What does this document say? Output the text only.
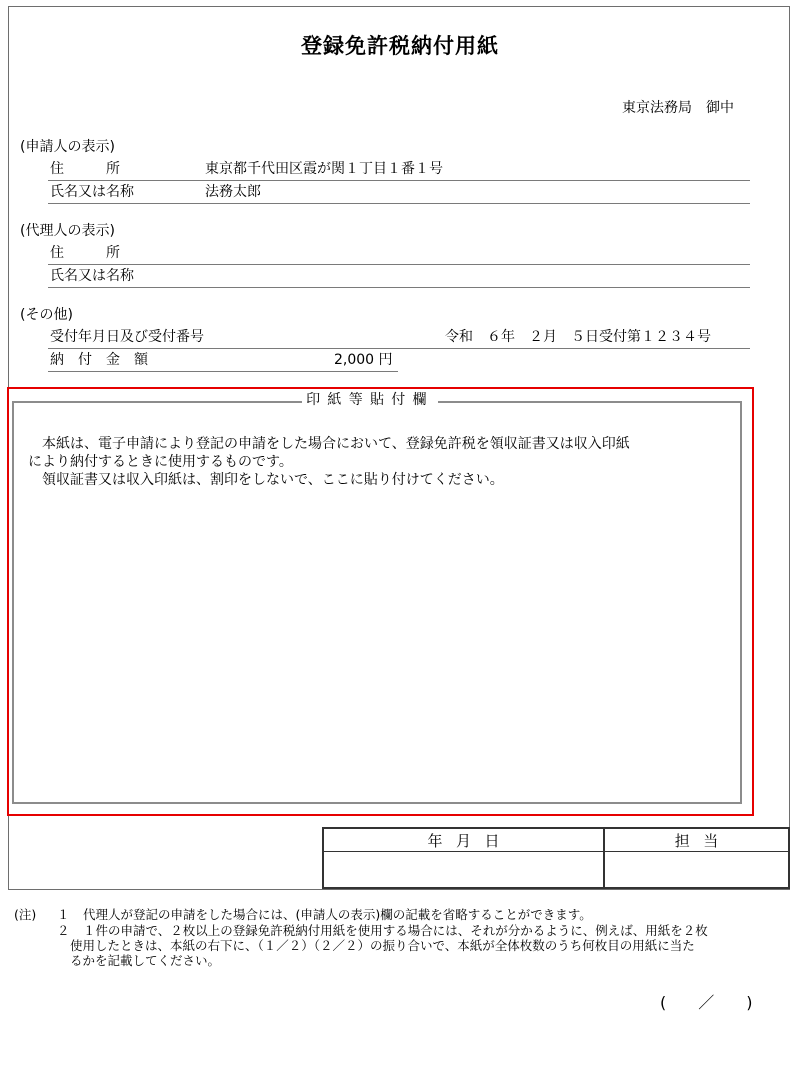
登録免許税納付用紙
東京法務局　御中
(申請人の表示)
住　　　所	東京都千代田区霞が関１丁目１番１号
氏名又は名称	法務太郎
(代理人の表示)
住　　　所
氏名又は名称
(その他)
受付年月日及び受付番号	令和　６年　２月　５日受付第１２３４号
納　付　金　額	2,000 円
印紙等貼付欄
　本紙は、電子申請により登記の申請をした場合において、登録免許税を領収証書又は収入印紙
により納付するときに使用するものです。
　領収証書又は収入印紙は、割印をしないで、ここに貼り付けてください。
年月日	担当
(注) １ 代理人が登記の申請をした場合には、(申請人の表示)欄の記載を省略することができます。
２ １件の申請で、２枚以上の登録免許税納付用紙を使用する場合には、それが分かるように、例えば、用紙を２枚
使用したときは、本紙の右下に、（１／２）（２／２）の振り合いで、本紙が全体枚数のうち何枚目の用紙に当た
るかを記載してください。
(　　／　　)
